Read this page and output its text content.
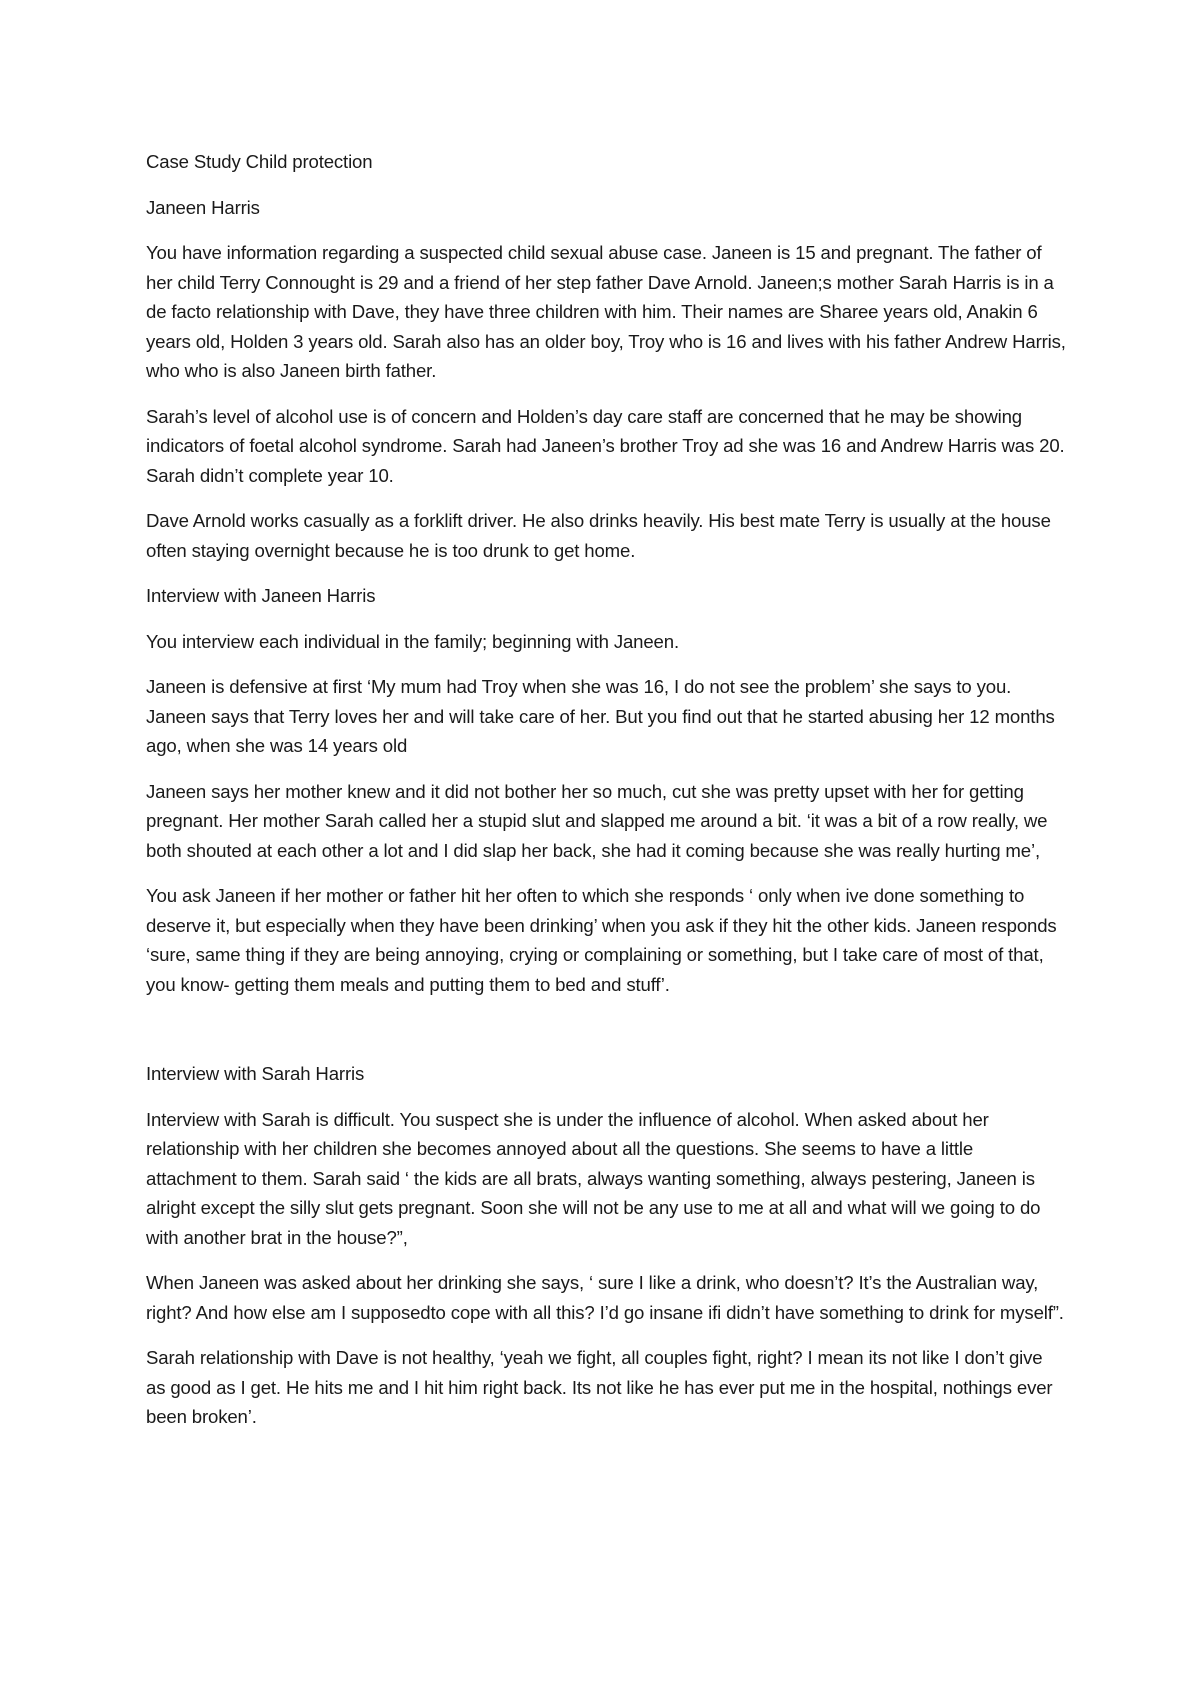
Case Study Child protection

Janeen Harris

You have information regarding a suspected child sexual abuse case. Janeen is 15 and pregnant. The father of her child Terry Connought is 29 and a friend of her step father Dave Arnold. Janeen;s mother Sarah Harris is in a de facto relationship with Dave, they have three children with him. Their names are Sharee years old, Anakin 6 years old, Holden 3 years old. Sarah also has an older boy, Troy who is 16 and lives with his father Andrew Harris, who who is also Janeen birth father.

Sarah’s level of alcohol use is of concern and Holden’s day care staff are concerned that he may be showing indicators of foetal alcohol syndrome. Sarah had Janeen’s brother Troy ad she was 16 and Andrew Harris was 20. Sarah didn’t complete year 10.

Dave Arnold works casually as a forklift driver. He also drinks heavily. His best mate Terry is usually at the house often staying overnight because he is too drunk to get home.

Interview with Janeen Harris

You interview each individual in the family; beginning with Janeen.

Janeen is defensive at first ‘My mum had Troy when she was 16, I do not see the problem’ she says to you. Janeen says that Terry loves her and will take care of her. But you find out that he started abusing her 12 months ago, when she was 14 years old

Janeen says her mother knew and it did not bother her so much, cut she was pretty upset with her for getting pregnant. Her mother Sarah called her a stupid slut and slapped me around a bit. ‘it was a bit of a row really, we both shouted at each other a lot and I did slap her back, she had it coming because she was really hurting me’,

You ask Janeen if her mother or father hit her often to which she responds ‘ only when ive done something to deserve it, but especially when they have been drinking’ when you ask if they hit the other kids. Janeen responds ‘sure, same thing if they are being annoying, crying or complaining or something, but I take care of most of that, you know- getting them meals and putting them to bed and stuff’.

Interview with Sarah Harris

Interview with Sarah is difficult. You suspect she is under the influence of alcohol. When asked about her relationship with her children she becomes annoyed about all the questions. She seems to have a little attachment to them. Sarah said ‘ the kids are all brats, always wanting something, always pestering, Janeen is alright except the silly slut gets pregnant. Soon she will not be any use to me at all and what will we going to do with another brat in the house?”,

When Janeen was asked about her drinking she says, ‘ sure I like a drink, who doesn’t? It’s the Australian way, right? And how else am I supposedto cope with all this? I’d go insane ifi didn’t have something to drink for myself”.

Sarah relationship with Dave is not healthy, ‘yeah we fight, all couples fight, right? I mean its not like I don’t give as good as I get. He hits me and I hit him right back. Its not like he has ever put me in the hospital, nothings ever been broken’.
